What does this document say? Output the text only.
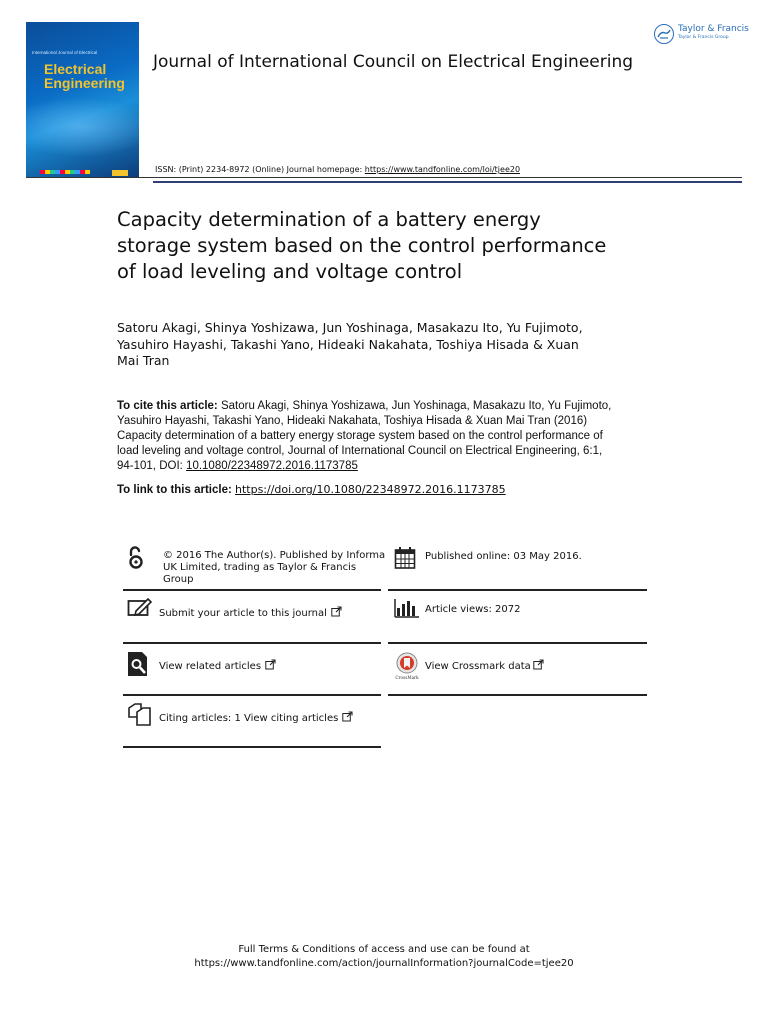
International Journal of Electrical
Electrical
Engineering
Journal of International Council on Electrical Engineering
Taylor & Francis
Taylor & Francis Group
ISSN: (Print) 2234-8972 (Online) Journal homepage: https://www.tandfonline.com/loi/tjee20
Capacity determination of a battery energy
storage system based on the control performance
of load leveling and voltage control
Satoru Akagi, Shinya Yoshizawa, Jun Yoshinaga, Masakazu Ito, Yu Fujimoto,
Yasuhiro Hayashi, Takashi Yano, Hideaki Nakahata, Toshiya Hisada & Xuan
Mai Tran
To cite this article: Satoru Akagi, Shinya Yoshizawa, Jun Yoshinaga, Masakazu Ito, Yu Fujimoto,
Yasuhiro Hayashi, Takashi Yano, Hideaki Nakahata, Toshiya Hisada & Xuan Mai Tran (2016)
Capacity determination of a battery energy storage system based on the control performance of
load leveling and voltage control, Journal of International Council on Electrical Engineering, 6:1,
94-101, DOI: 10.1080/22348972.2016.1173785
To link to this article: https://doi.org/10.1080/22348972.2016.1173785
© 2016 The Author(s). Published by Informa
UK Limited, trading as Taylor & Francis
Group
Published online: 03 May 2016.
Submit your article to this journal	Article views: 2072
View related articles
CrossMark
View Crossmark data
Citing articles: 1 View citing articles
Full Terms & Conditions of access and use can be found at
https://www.tandfonline.com/action/journalInformation?journalCode=tjee20
